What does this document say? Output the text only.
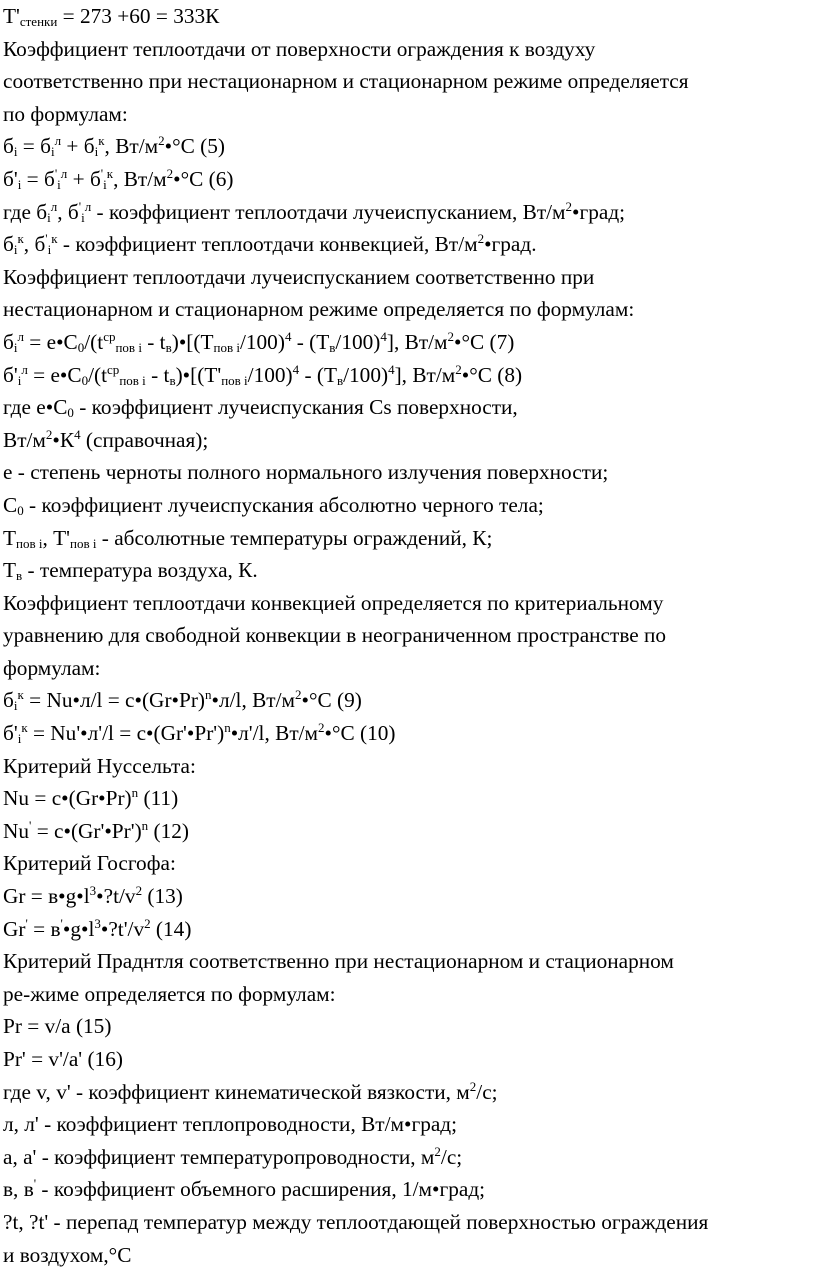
$T'_{стенки} = 273 +60 = 333К$

Коэффициент теплоотдачи от поверхности ограждения к воздуху

соответственно при нестационарном и стационарном режиме определяется

по формулам:

$б_i = б_i^л + б_i^к$, $Вт/м^2•^\circ С$ (5)

$б'_i = б'_i^л + б'_i^к$, $Вт/м^2•^\circ С$ (6)

где $б_i^л$, $б'_i^л$ - коэффициент теплоотдачи лучеиспусканием, $Вт/м^2•град$;

$б_i^к$, $б'_i^к$ - коэффициент теплоотдачи конвекцией, $Вт/м^2•град$.

Коэффициент теплоотдачи лучеиспусканием соответственно при

нестационарном и стационарном режиме определяется по формулам:

$б_i^л$ = $е•С_0/(t^{ср}_{пов i}$ - $t_в)•[(Т_{пов i}/100)^4 - (Т_в/100)^4]$, $Вт/м^2•^\circ С$ (7)

$б'_i^л$ = $е•С_0/(t^{ср}_{пов i}$ - $t_в)•[(Т'_{пов i}/100)^4 - (Т_в/100)^4]$, $Вт/м^2•^\circ С$ (8)

где $е•С_0$ - коэффициент лучеиспускания Cs поверхности,

$Вт/м^2•К^4$ (справочная);

е - степень черноты полного нормального излучения поверхности;

$С_0$ - коэффициент лучеиспускания абсолютно черного тела;

$Т_{пов i}$, $Т'_{пов i}$ - абсолютные температуры ограждений, К;

$Т_в$ - температура воздуха, К.

Коэффициент теплоотдачи конвекцией определяется по критериальному

уравнению для свободной конвекции в неограниченном пространстве по

формулам:

$б_i^к$ = Nu•л/l = c•(Gr•Pr)$^n$•л/l, $Вт/м^2•^\circ С$ (9)

$б'_i^к$ = Nu'•л'/l = c•(Gr'•Pr')$^n$•л'/l, $Вт/м^2•^\circ С$ (10)

Критерий Нуссельта:

Nu = c•(Gr•Pr)$^n$ (11)

Nu' = c•(Gr'•Pr')$^n$ (12)

Критерий Госгофа:

$Gr = в•g•l^3•?t/v^2$ (13)

$Gr' = в'•g•l^3•?t'/v^2$ (14)

Критерий Праднтля соответственно при нестационарном и стационарном

ре-жиме определяется по формулам:

Pr = v/a (15)

Pr' = v'/a' (16)

где v, v' - коэффициент кинематической вязкости, $м^2/с$;

л, л' - коэффициент теплопроводности, Вт/м•град;

а, а' - коэффициент температуропроводности, $м^2/с$;

в, в' - коэффициент объемного расширения, 1/м•град;

?t, ?t' - перепад температур между теплоотдающей поверхностью ограждения

и воздухом,°С
